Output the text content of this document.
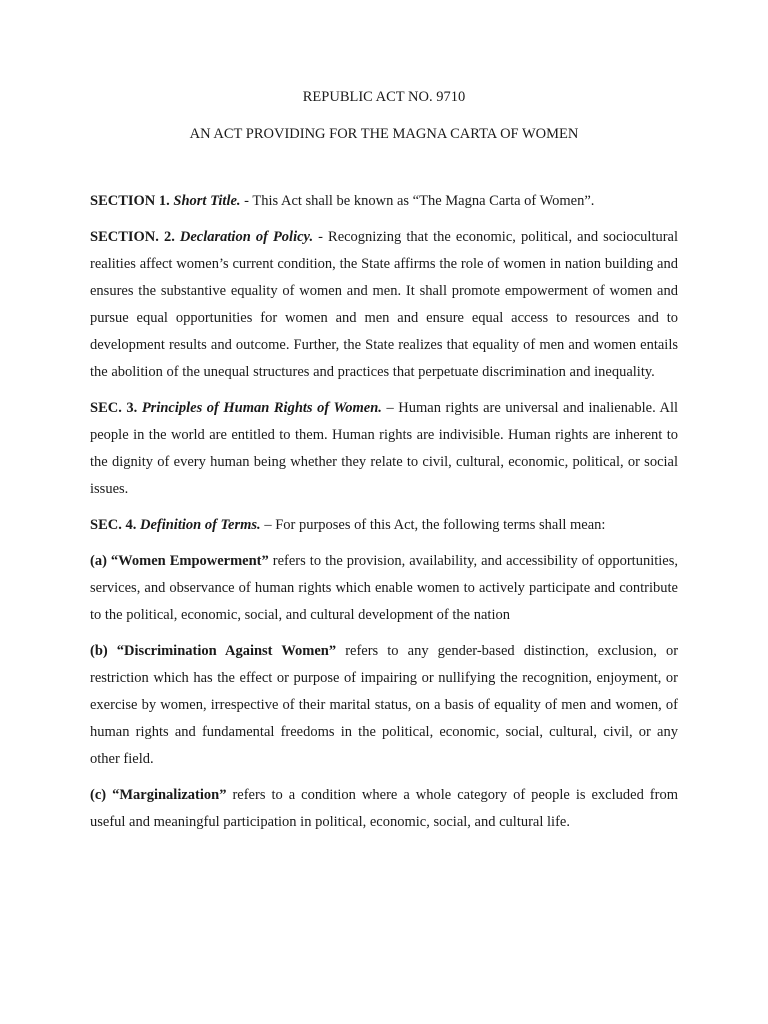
REPUBLIC ACT NO. 9710
AN ACT PROVIDING FOR THE MAGNA CARTA OF WOMEN

SECTION 1. Short Title. - This Act shall be known as “The Magna Carta of Women”.

SECTION. 2. Declaration of Policy. - Recognizing that the economic, political, and sociocultural realities affect women’s current condition, the State affirms the role of women in nation building and ensures the substantive equality of women and men. It shall promote empowerment of women and pursue equal opportunities for women and men and ensure equal access to resources and to development results and outcome. Further, the State realizes that equality of men and women entails the abolition of the unequal structures and practices that perpetuate discrimination and inequality.

SEC. 3. Principles of Human Rights of Women. – Human rights are universal and inalienable. All people in the world are entitled to them. Human rights are indivisible. Human rights are inherent to the dignity of every human being whether they relate to civil, cultural, economic, political, or social issues.

SEC. 4. Definition of Terms. – For purposes of this Act, the following terms shall mean:

(a) “Women Empowerment” refers to the provision, availability, and accessibility of opportunities, services, and observance of human rights which enable women to actively participate and contribute to the political, economic, social, and cultural development of the nation

(b) “Discrimination Against Women” refers to any gender-based distinction, exclusion, or restriction which has the effect or purpose of impairing or nullifying the recognition, enjoyment, or exercise by women, irrespective of their marital status, on a basis of equality of men and women, of human rights and fundamental freedoms in the political, economic, social, cultural, civil, or any other field.

(c) “Marginalization” refers to a condition where a whole category of people is excluded from useful and meaningful participation in political, economic, social, and cultural life.
